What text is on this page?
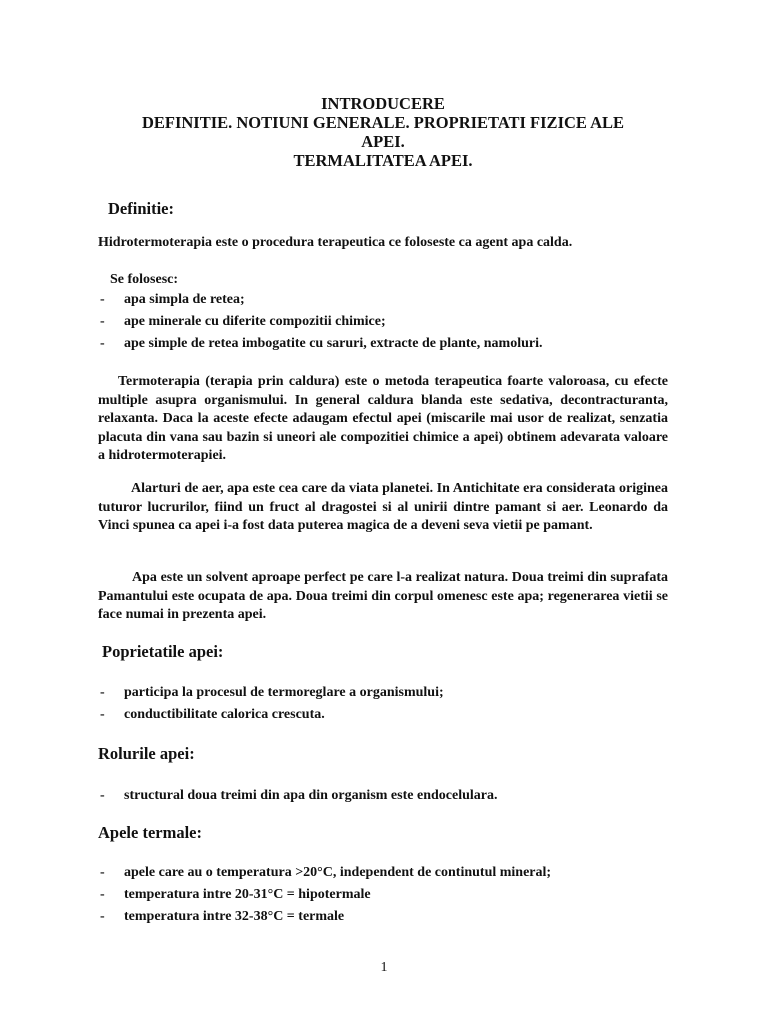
INTRODUCERE
DEFINITIE. NOTIUNI GENERALE. PROPRIETATI FIZICE ALE
APEI.
TERMALITATEA APEI.
Definitie:
Hidrotermoterapia este o procedura terapeutica ce foloseste ca agent apa calda.
Se folosesc:
- apa simpla de retea;
- ape minerale cu diferite compozitii chimice;
- ape simple de retea imbogatite cu saruri, extracte de plante, namoluri.
Termoterapia (terapia prin caldura) este o metoda terapeutica foarte valoroasa, cu efecte multiple asupra organismului. In general caldura blanda este sedativa, decontracturanta, relaxanta. Daca la aceste efecte adaugam efectul apei (miscarile mai usor de realizat, senzatia placuta din vana sau bazin si uneori ale compozitiei chimice a apei) obtinem adevarata valoare a hidrotermoterapiei.
Alarturi de aer, apa este cea care da viata planetei. In Antichitate era considerata originea tuturor lucrurilor, fiind un fruct al dragostei si al unirii dintre pamant si aer. Leonardo da Vinci spunea ca apei i-a fost data puterea magica de a deveni seva vietii pe pamant.
Apa este un solvent aproape perfect pe care l-a realizat natura. Doua treimi din suprafata Pamantului este ocupata de apa. Doua treimi din corpul omenesc este apa; regenerarea vietii se face numai in prezenta apei.
Poprietatile apei:
- participa la procesul de termoreglare a organismului;
- conductibilitate calorica crescuta.
Rolurile apei:
- structural doua treimi din apa din organism este endocelulara.
Apele termale:
- apele care au o temperatura >20°C, independent de continutul mineral;
- temperatura intre 20-31°C = hipotermale
- temperatura intre 32-38°C = termale
1
